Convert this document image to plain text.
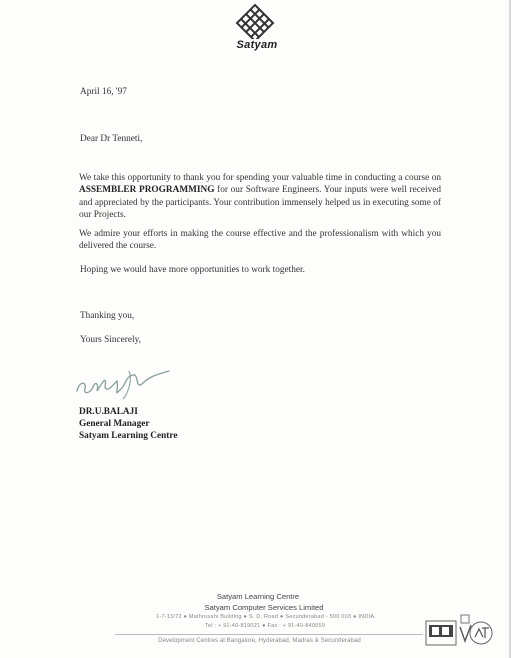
Satyam
April 16, '97
Dear Dr Tenneti,
We take this opportunity to thank you for spending your valuable time in conducting a course on ASSEMBLER PROGRAMMING for our Software Engineers. Your inputs were well received and appreciated by the participants. Your contribution immensely helped us in executing some of our Projects.
We admire your efforts in making the course effective and the professionalism with which you delivered the course.
Hoping we would have more opportunities to work together.
Thanking you,
Yours Sincerely,
DR.U.BALAJI
General Manager
Satyam Learning Centre
Satyam Learning Centre
Satyam Computer Services Limited
1-7-13/72 ● Mathrusahi Building ● S. D. Road ● Secunderabad - 500 003 ● INDIA.
Tel : + 91-40-819021 ● Fax : + 91-40-840059
Development Centres at Bangalore, Hyderabad, Madras & Secunderabad
